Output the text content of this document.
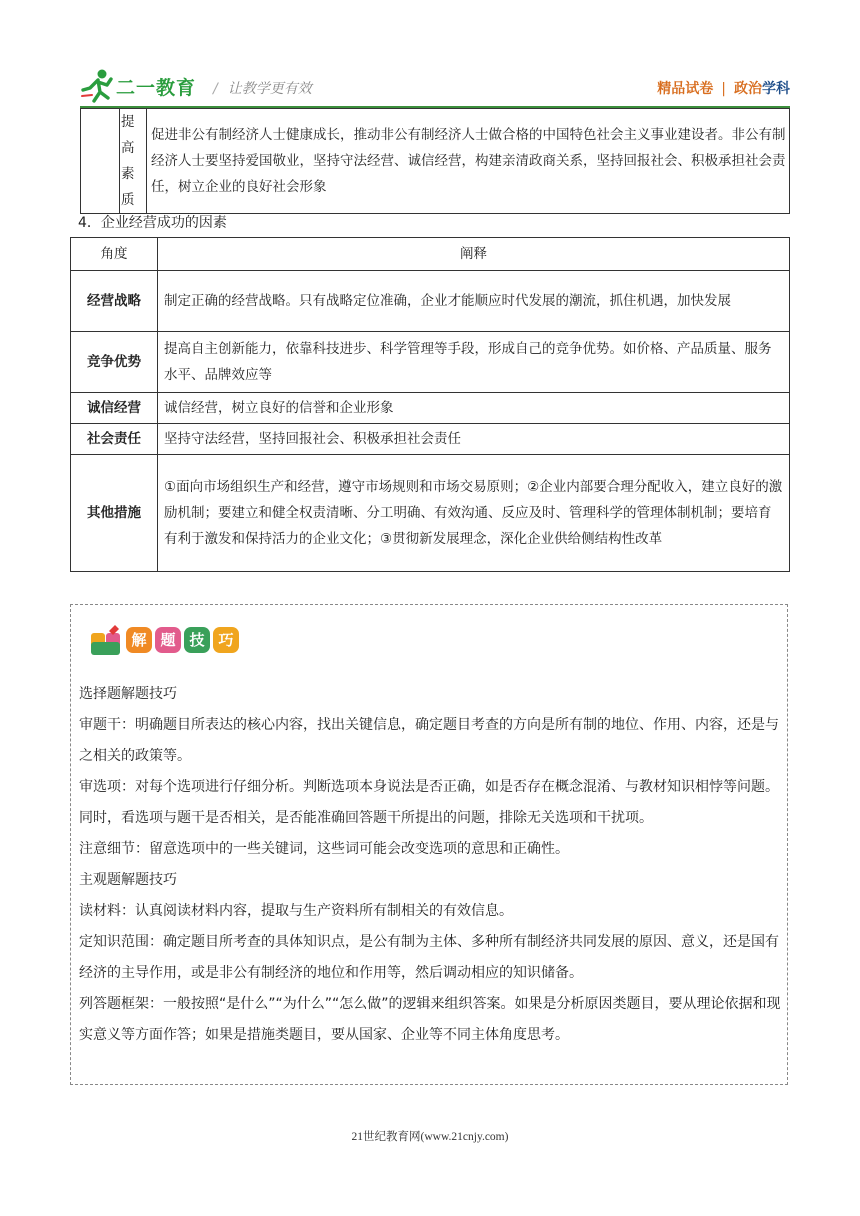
二一教育 / 让教学更有效	精品试卷 | 政治学科
	提高素质	促进非公有制经济人士健康成长，推动非公有制经济人士做合格的中国特色社会主义事业建设者。非公有制经济人士要坚持爱国敬业，坚持守法经营、诚信经营，构建亲清政商关系，坚持回报社会、积极承担社会责任，树立企业的良好社会形象
4．企业经营成功的因素
角度	阐释
经营战略	制定正确的经营战略。只有战略定位准确，企业才能顺应时代发展的潮流，抓住机遇，加快发展
竞争优势	提高自主创新能力，依靠科技进步、科学管理等手段，形成自己的竞争优势。如价格、产品质量、服务水平、品牌效应等
诚信经营	诚信经营，树立良好的信誉和企业形象
社会责任	坚持守法经营，坚持回报社会、积极承担社会责任
其他措施	①面向市场组织生产和经营，遵守市场规则和市场交易原则；②企业内部要合理分配收入，建立良好的激励机制；要建立和健全权责清晰、分工明确、有效沟通、反应及时、管理科学的管理体制机制；要培育有利于激发和保持活力的企业文化；③贯彻新发展理念，深化企业供给侧结构性改革
解 题 技 巧

选择题解题技巧

审题干：明确题目所表达的核心内容，找出关键信息，确定题目考查的方向是所有制的地位、作用、内容，还是与之相关的政策等。

审选项：对每个选项进行仔细分析。判断选项本身说法是否正确，如是否存在概念混淆、与教材知识相悖等问题。同时，看选项与题干是否相关，是否能准确回答题干所提出的问题，排除无关选项和干扰项。

注意细节：留意选项中的一些关键词，这些词可能会改变选项的意思和正确性。

主观题解题技巧

读材料：认真阅读材料内容，提取与生产资料所有制相关的有效信息。

定知识范围：确定题目所考查的具体知识点，是公有制为主体、多种所有制经济共同发展的原因、意义，还是国有经济的主导作用，或是非公有制经济的地位和作用等，然后调动相应的知识储备。

列答题框架：一般按照“是什么”“为什么”“怎么做”的逻辑来组织答案。如果是分析原因类题目，要从理论依据和现实意义等方面作答；如果是措施类题目，要从国家、企业等不同主体角度思考。

21世纪教育网(www.21cnjy.com)
